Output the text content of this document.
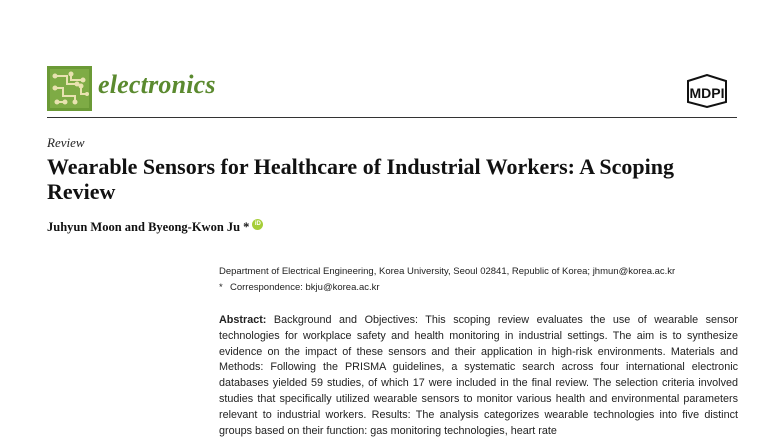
electronics	MDPI
Review
Wearable Sensors for Healthcare of Industrial Workers: A Scoping Review
Juhyun Moon and Byeong-Kwon Ju * iD
Department of Electrical Engineering, Korea University, Seoul 02841, Republic of Korea; jhmun@korea.ac.kr
* Correspondence: bkju@korea.ac.kr

Abstract: Background and Objectives: This scoping review evaluates the use of wearable sensor technologies for workplace safety and health monitoring in industrial settings. The aim is to synthesize evidence on the impact of these sensors and their application in high-risk environments. Materials and Methods: Following the PRISMA guidelines, a systematic search across four international electronic databases yielded 59 studies, of which 17 were included in the final review. The selection criteria involved studies that specifically utilized wearable sensors to monitor various health and environmental parameters relevant to industrial workers. Results: The analysis categorizes wearable technologies into five distinct groups based on their function: gas monitoring technologies, heart rate
